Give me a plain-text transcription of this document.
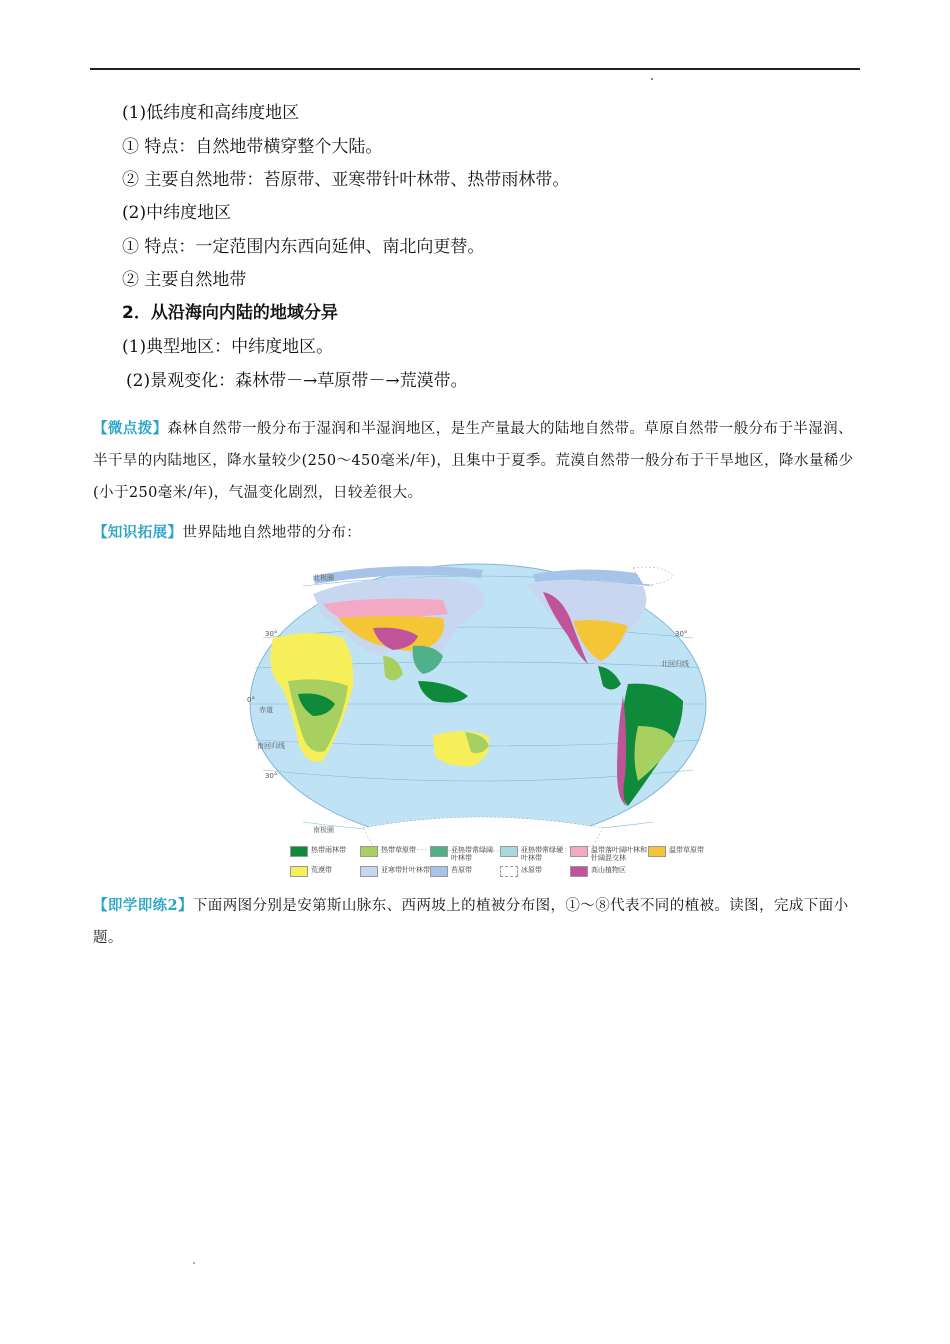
(1)低纬度和高纬度地区
① 特点：自然地带横穿整个大陆。
② 主要自然地带：苔原带、亚寒带针叶林带、热带雨林带。
(2)中纬度地区
① 特点：一定范围内东西向延伸、南北向更替。
② 主要自然地带
2．从沿海向内陆的地域分异
(1)典型地区：中纬度地区。
(2)景观变化：森林带－→草原带－→荒漠带。
【微点拨】森林自然带一般分布于湿润和半湿润地区，是生产量最大的陆地自然带。草原自然带一般分布于半湿润、半干旱的内陆地区，降水量较少(250～450毫米/年)，且集中于夏季。荒漠自然带一般分布于干旱地区，降水量稀少(小于250毫米/年)，气温变化剧烈，日较差很大。
【知识拓展】世界陆地自然地带的分布：
北极圈
30°	30°
北回归线
0°
赤道
南回归线
30°
南极圈
热带雨林带	热带草原带	亚热带常绿阔叶林带
亚热带常绿硬叶林带
温带落叶阔叶林和针阔混交林
温带草原带
荒漠带	亚寒带针叶林带	苔原带	冰原带	高山植物区
【即学即练2】下面两图分别是安第斯山脉东、西两坡上的植被分布图，①～⑧代表不同的植被。读图，完成下面小题。
